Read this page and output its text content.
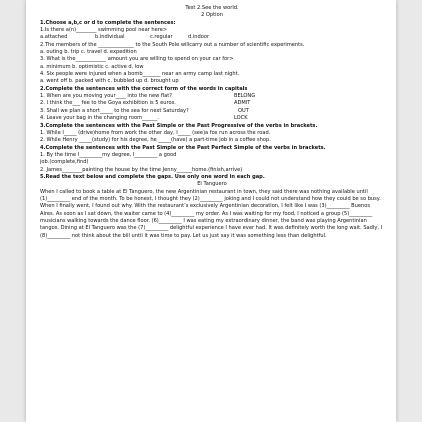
Test 2.See the world.
2 Option
1.Choose a,b,c or d to complete the sentences:
1.Is there a(n)________ swimming pool near here>
a.attached	b.individual	c.regular	d.indoor
2.The members of the ______________ to the South Pole willcarry out a number of scientific experiments.
a. outing b. trip c. travel d. expedition
3. What is the____________ amount you are willing to spend on your car for>
a. minimum b. optimistic c. active d. low
4. Six people were injured when a bomb_______ near an army camp last night.
a. went off b. packed with c. bubbled up d. brought up
2.Complete the sentences with the correct form of the words in capitals
1. When are you moving your____ into the new flat?	BELONG
2. I think the___ fee to the Goya exhibition is 5 euros.	ADMIT
3. Shall we plan a short_____ to the sea for next Saturday?	OUT
4. Leave your bag in the changing room______.	LOCK
3.Complete the sentences with the Past Simple or the Past Progressive of the verbs in brackets.
1. While I_____ (drive)home from work the other day, I_____ (see)a fox run across the road.
2. While Henry _____(study) for his degree, he _____(have) a part-time job in a coffee shop.
4.Complete the sentences with the Past Simple or the Past Perfect Simple of the verbs in brackets.
1. By the time I_________my degree, I_________ a good
job.(complete,find)
2. James________painting the house by the time Jenny______home.(finish,arrive)
5.Read the text below and complete the gaps. Use only one word in each gap.
El Tanguero
When I called to book a table at El Tanguero, the new Argentinian restaurant in town, they said there was nothing available until (1)_________ end of the month. To be honest, I thought they (2)_________ joking and I could not understand how they could be so busy. When I finally went, I found out why. With the restaurant’s exclusively Argentinian decoration, I felt like I was (3)_________ Buenos Aires. As soon as I sat down, the waiter came to (4)_________ my order. As I was waiting for my food, I noticed a group (5)_________ musicians walking towards the dance floor. (6)_________ I was eating my extraordinary dinner, the band was playing Argentinian tangos. Dining at El Tanguero was the (7)_________ delightful experience I have ever had. It was definitely worth the long wait. Sadly, I (8)_________ not think about the bill until it was time to pay. Let us just say it was something less than delightful.
